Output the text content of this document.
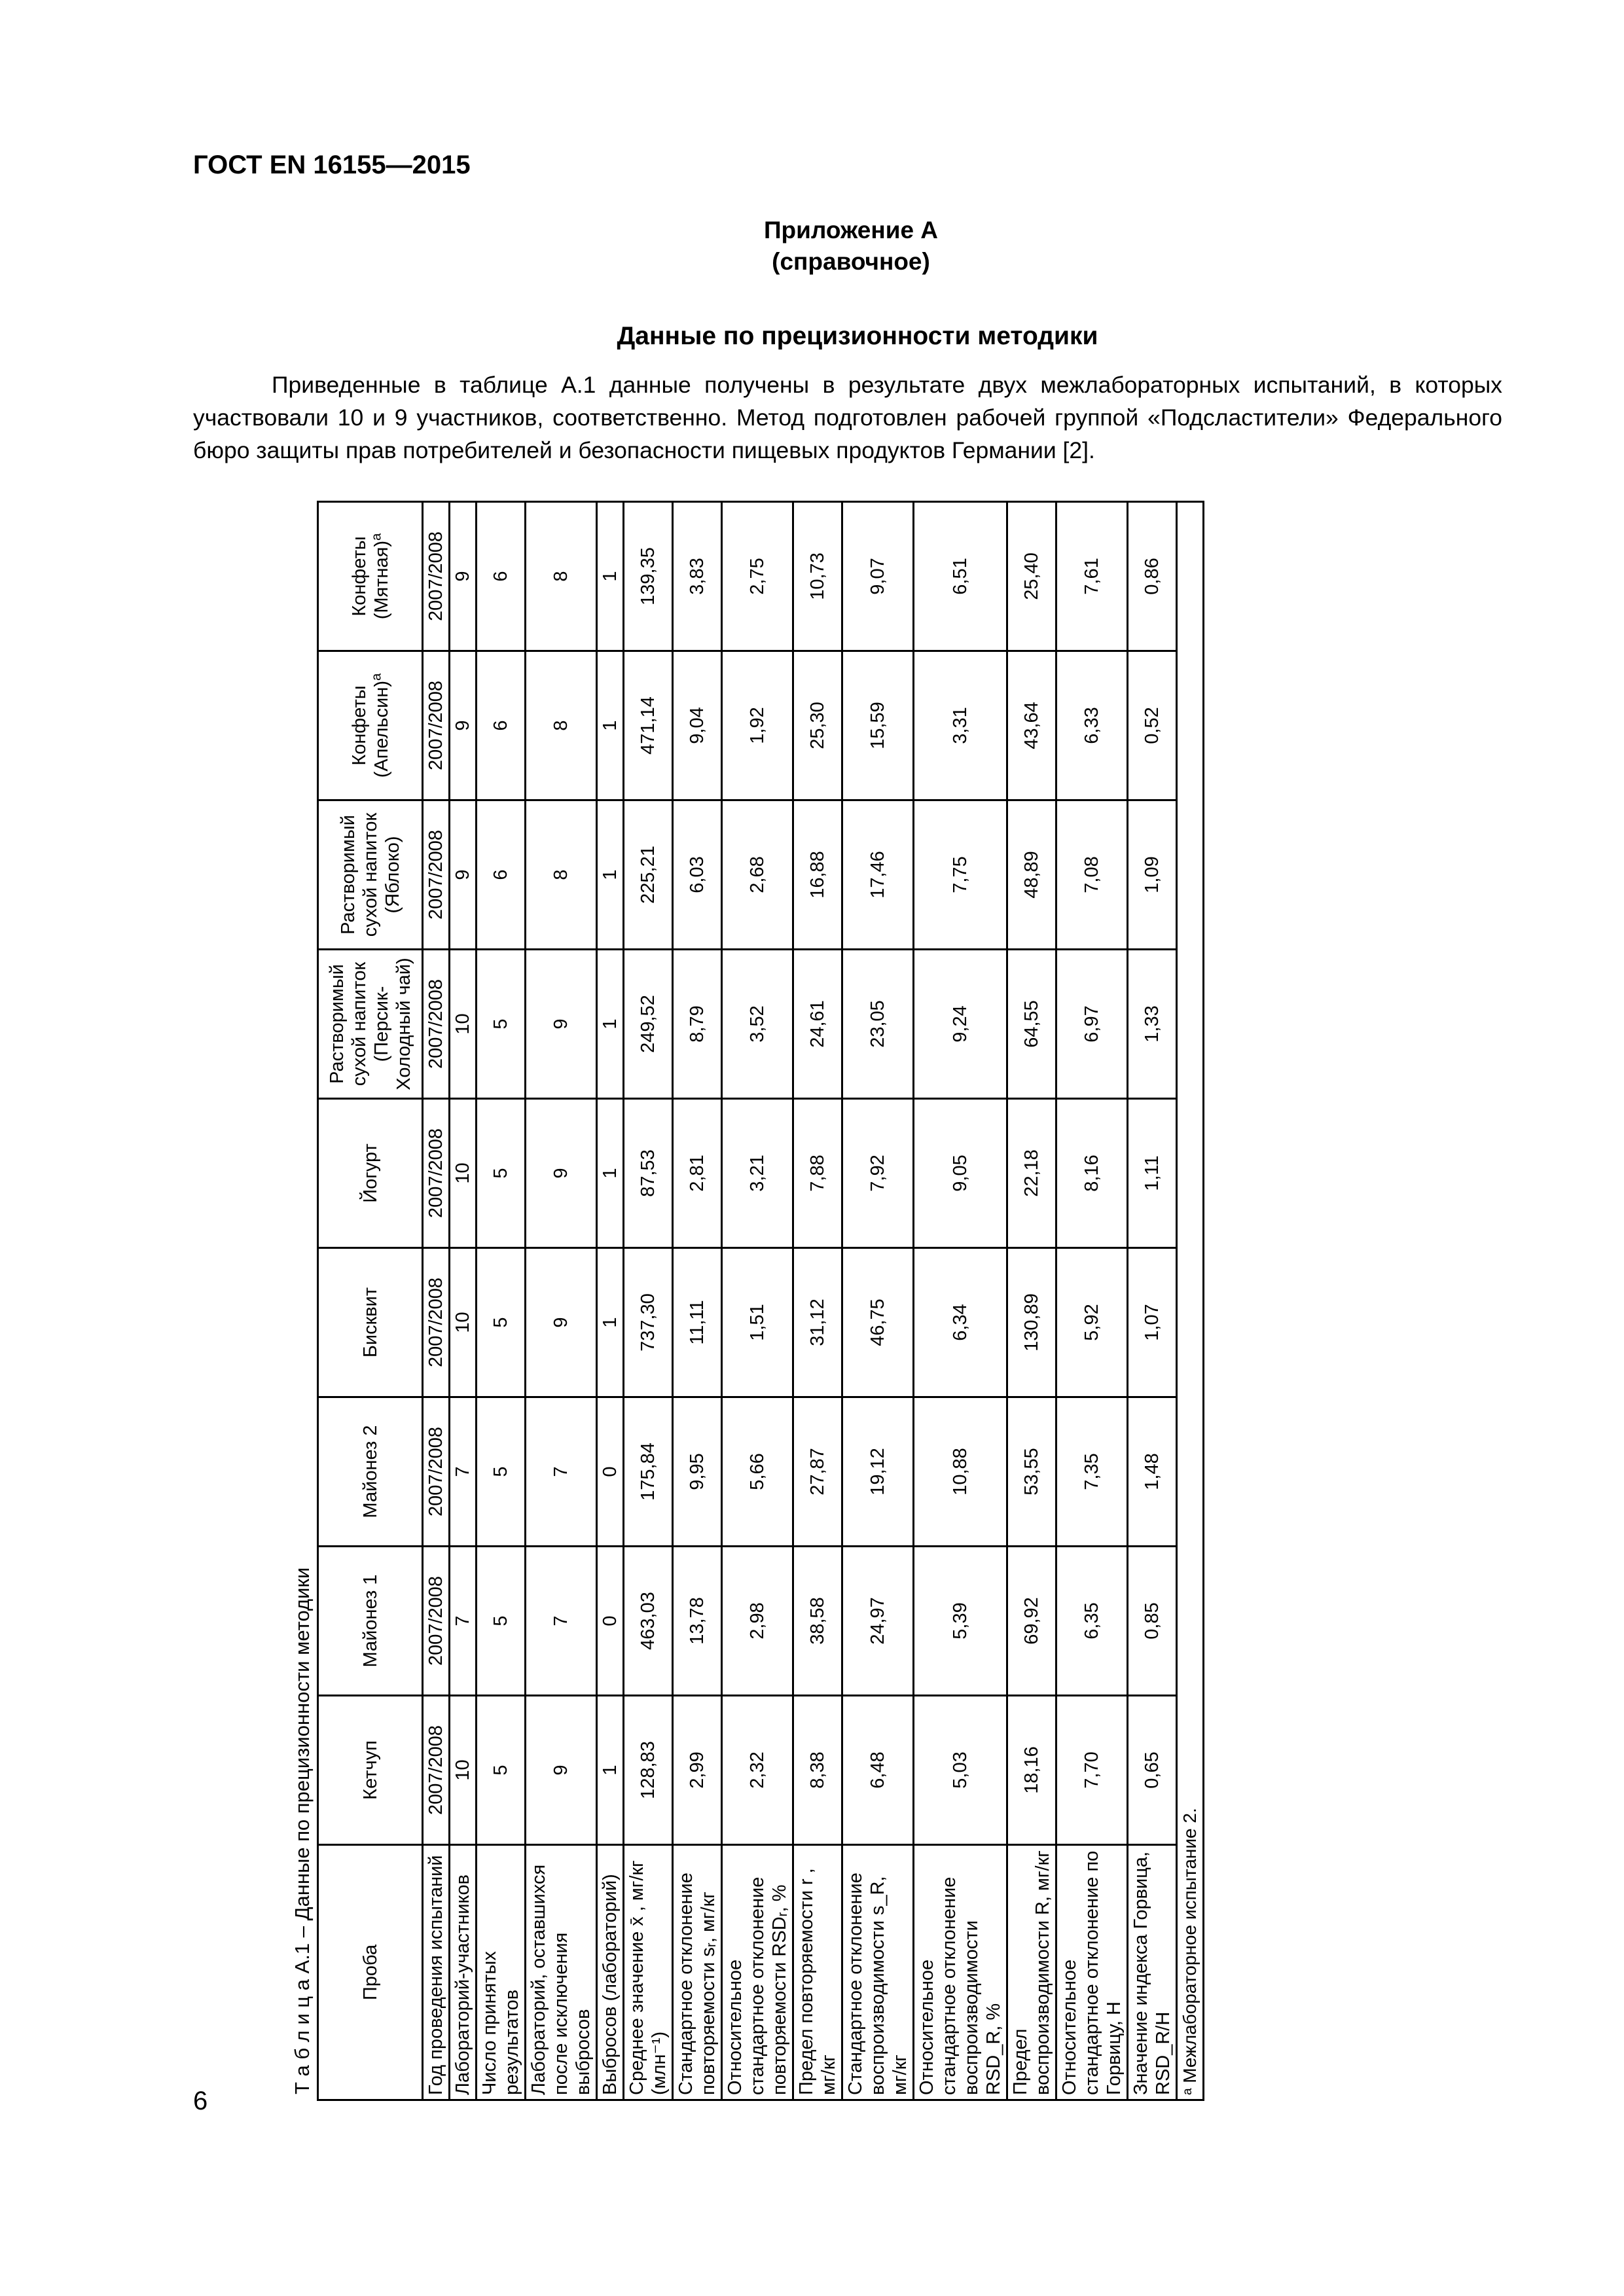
ГОСТ EN 16155—2015
Приложение А
(справочное)
Данные по прецизионности методики
Приведенные в таблице А.1 данные получены в результате двух межлабораторных испытаний, в которых участвовали 10 и 9 участников, соответственно. Метод подготовлен рабочей группой «Подсластители» Федерального бюро защиты прав потребителей и безопасности пищевых продуктов Германии [2].
Т а б л и ц а А.1 – Данные по прецизионности методики Проба	Кетчуп	Майонез 1	Майонез 2	Бисквит	Йогурт	Растворимый сухой напиток (Персик-Холодный чай)	Растворимый сухой напиток (Яблоко)	Конфеты (Апельсин)$^a$	Конфеты (Мятная)$^a$
Год проведения испытаний	2007/2008	2007/2008	2007/2008	2007/2008	2007/2008	2007/2008	2007/2008	2007/2008	2007/2008
Лабораторий-участников	10	7	7	10	10	10	9	9	9
Число принятых результатов	5	5	5	5	5	5	6	6	6
Лабораторий, оставшихся после исключения выбросов	9	7	7	9	9	9	8	8	8
Выбросов (лабораторий)	1	0	0	1	1	1	1	1	1
Среднее значение x̄ , мг/кг (млн⁻¹)	128,83	463,03	175,84	737,30	87,53	249,52	225,21	471,14	139,35
Стандартное отклонение повторяемости sᵣ, мг/кг	2,99	13,78	9,95	11,11	2,81	8,79	6,03	9,04	3,83
Относительное стандартное отклонение повторяемости RSDᵣ, %	2,32	2,98	5,66	1,51	3,21	3,52	2,68	1,92	2,75
Предел повторяемости r , мг/кг	8,38	38,58	27,87	31,12	7,88	24,61	16,88	25,30	10,73
Стандартное отклонение воспроизводимости s_R, мг/кг	6,48	24,97	19,12	46,75	7,92	23,05	17,46	15,59	9,07
Относительное стандартное отклонение воспроизводимости RSD_R, %	5,03	5,39	10,88	6,34	9,05	9,24	7,75	3,31	6,51
Предел воспроизводимости R, мг/кг	18,16	69,92	53,55	130,89	22,18	64,55	48,89	43,64	25,40
Относительное стандартное отклонение по Горвицу, H	7,70	6,35	7,35	5,92	8,16	6,97	7,08	6,33	7,61
Значение индекса Горвица, RSD_R/H	0,65	0,85	1,48	1,07	1,11	1,33	1,09	0,52	0,86
ᵃ Межлабораторное испытание 2.									
6
